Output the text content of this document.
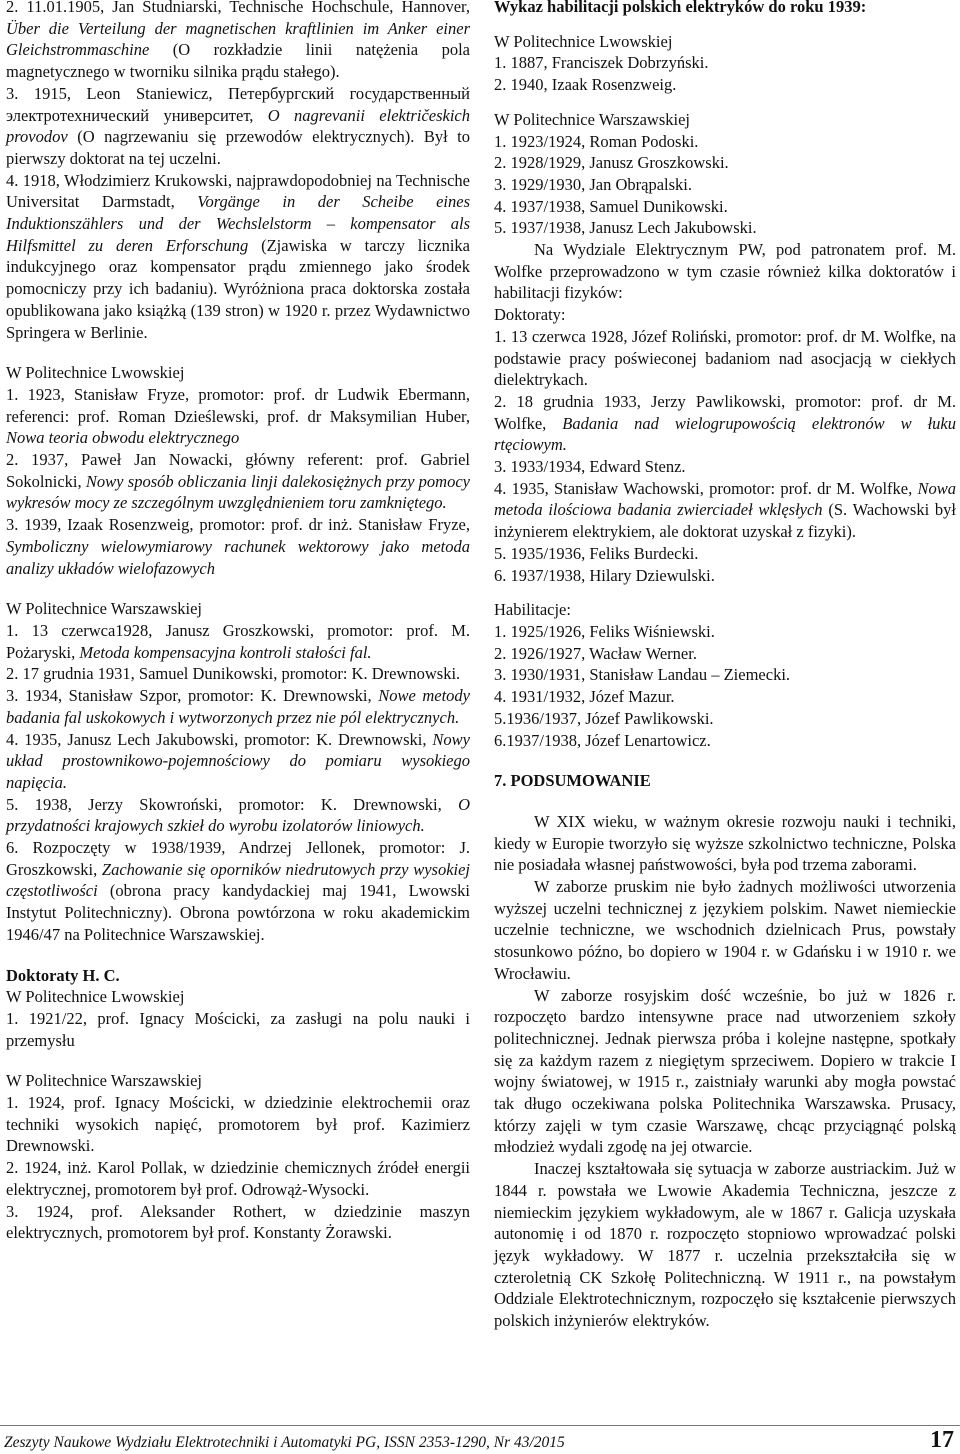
2. 11.01.1905, Jan Studniarski, Technische Hochschule, Hannover, Über die Verteilung der magnetischen kraftlinien im Anker einer Gleichstrommaschine (O rozkładzie linii natężenia pola magnetycznego w tworniku silnika prądu stałego).

3. 1915, Leon Staniewicz, Петербургский государственный электротехнический университет, O nagrevanii električeskich provodov (O nagrzewaniu się przewodów elektrycznych). Był to pierwszy doktorat na tej uczelni.

4. 1918, Włodzimierz Krukowski, najprawdopodobniej na Technische Universitat Darmstadt, Vorgänge in der Scheibe eines Induktionszählers und der Wechslelstorm – kompensator als Hilfsmittel zu deren Erforschung (Zjawiska w tarczy licznika indukcyjnego oraz kompensator prądu zmiennego jako środek pomocniczy przy ich badaniu). Wyróżniona praca doktorska została opublikowana jako książką (139 stron) w 1920 r. przez Wydawnictwo Springera w Berlinie.

W Politechnice Lwowskiej

1. 1923, Stanisław Fryze, promotor: prof. dr Ludwik Ebermann, referenci: prof. Roman Dzieślewski, prof. dr Maksymilian Huber, Nowa teoria obwodu elektrycznego

2. 1937, Paweł Jan Nowacki, główny referent: prof. Gabriel Sokolnicki, Nowy sposób obliczania linji dalekosiężnych przy pomocy wykresów mocy ze szczególnym uwzględnieniem toru zamkniętego.

3. 1939, Izaak Rosenzweig, promotor: prof. dr inż. Stanisław Fryze, Symboliczny wielowymiarowy rachunek wektorowy jako metoda analizy układów wielofazowych

W Politechnice Warszawskiej

1. 13 czerwca1928, Janusz Groszkowski, promotor: prof. M. Pożaryski, Metoda kompensacyjna kontroli stałości fal.

2. 17 grudnia 1931, Samuel Dunikowski, promotor: K. Drewnowski.

3. 1934, Stanisław Szpor, promotor: K. Drewnowski, Nowe metody badania fal uskokowych i wytworzonych przez nie pól elektrycznych.

4. 1935, Janusz Lech Jakubowski, promotor: K. Drewnowski, Nowy układ prostownikowo-pojemnościowy do pomiaru wysokiego napięcia.

5. 1938, Jerzy Skowroński, promotor: K. Drewnowski, O przydatności krajowych szkieł do wyrobu izolatorów liniowych.

6. Rozpoczęty w 1938/1939, Andrzej Jellonek, promotor: J. Groszkowski, Zachowanie się oporników niedrutowych przy wysokiej częstotliwości (obrona pracy kandydackiej maj 1941, Lwowski Instytut Politechniczny). Obrona powtórzona w roku akademickim 1946/47 na Politechnice Warszawskiej.

Doktoraty H. C.

W Politechnice Lwowskiej

1. 1921/22, prof. Ignacy Mościcki, za zasługi na polu nauki i przemysłu

W Politechnice Warszawskiej

1. 1924, prof. Ignacy Mościcki, w dziedzinie elektrochemii oraz techniki wysokich napięć, promotorem był prof. Kazimierz Drewnowski.

2. 1924, inż. Karol Pollak, w dziedzinie chemicznych źródeł energii elektrycznej, promotorem był prof. Odrowąż-Wysocki.

3. 1924, prof. Aleksander Rothert, w dziedzinie maszyn elektrycznych, promotorem był prof. Konstanty Żorawski.

Wykaz habilitacji polskich elektryków do roku 1939:

W Politechnice Lwowskiej

1. 1887, Franciszek Dobrzyński.

2. 1940, Izaak Rosenzweig.

W Politechnice Warszawskiej

1. 1923/1924, Roman Podoski.

2. 1928/1929, Janusz Groszkowski.

3. 1929/1930, Jan Obrąpalski.

4. 1937/1938, Samuel Dunikowski.

5. 1937/1938, Janusz Lech Jakubowski.

Na Wydziale Elektrycznym PW, pod patronatem prof. M. Wolfke przeprowadzono w tym czasie również kilka doktoratów i habilitacji fizyków:

Doktoraty:

1. 13 czerwca 1928, Józef Roliński, promotor: prof. dr M. Wolfke, na podstawie pracy poświeconej badaniom nad asocjacją w ciekłych dielektrykach.

2. 18 grudnia 1933, Jerzy Pawlikowski, promotor: prof. dr M. Wolfke, Badania nad wielogrupowością elektronów w łuku rtęciowym.

3. 1933/1934, Edward Stenz.

4. 1935, Stanisław Wachowski, promotor: prof. dr M. Wolfke, Nowa metoda ilościowa badania zwierciadeł wklęsłych (S. Wachowski był inżynierem elektrykiem, ale doktorat uzyskał z fizyki).

5. 1935/1936, Feliks Burdecki.

6. 1937/1938, Hilary Dziewulski.

Habilitacje:

1. 1925/1926, Feliks Wiśniewski.

2. 1926/1927, Wacław Werner.

3. 1930/1931, Stanisław Landau – Ziemecki.

4. 1931/1932, Józef Mazur.

5.1936/1937, Józef Pawlikowski.

6.1937/1938, Józef Lenartowicz.

7. PODSUMOWANIE

W XIX wieku, w ważnym okresie rozwoju nauki i techniki, kiedy w Europie tworzyło się wyższe szkolnictwo techniczne, Polska nie posiadała własnej państwowości, była pod trzema zaborami.

W zaborze pruskim nie było żadnych możliwości utworzenia wyższej uczelni technicznej z językiem polskim. Nawet niemieckie uczelnie techniczne, we wschodnich dzielnicach Prus, powstały stosunkowo późno, bo dopiero w 1904 r. w Gdańsku i w 1910 r. we Wrocławiu.

W zaborze rosyjskim dość wcześnie, bo już w 1826 r. rozpoczęto bardzo intensywne prace nad utworzeniem szkoły politechnicznej. Jednak pierwsza próba i kolejne następne, spotkały się za każdym razem z niegiętym sprzeciwem. Dopiero w trakcie I wojny światowej, w 1915 r., zaistniały warunki aby mogła powstać tak długo oczekiwana polska Politechnika Warszawska. Prusacy, którzy zajęli w tym czasie Warszawę, chcąc przyciągnąć polską młodzież wydali zgodę na jej otwarcie.

Inaczej kształtowała się sytuacja w zaborze austriackim. Już w 1844 r. powstała we Lwowie Akademia Techniczna, jeszcze z niemieckim językiem wykładowym, ale w 1867 r. Galicja uzyskała autonomię i od 1870 r. rozpoczęto stopniowo wprowadzać polski język wykładowy. W 1877 r. uczelnia przekształciła się w czteroletnią CK Szkołę Politechniczną. W 1911 r., na powstałym Oddziale Elektrotechnicznym, rozpoczęło się kształcenie pierwszych polskich inżynierów elektryków.

Zeszyty Naukowe Wydziału Elektrotechniki i Automatyki PG, ISSN 2353-1290, Nr 43/2015	17
